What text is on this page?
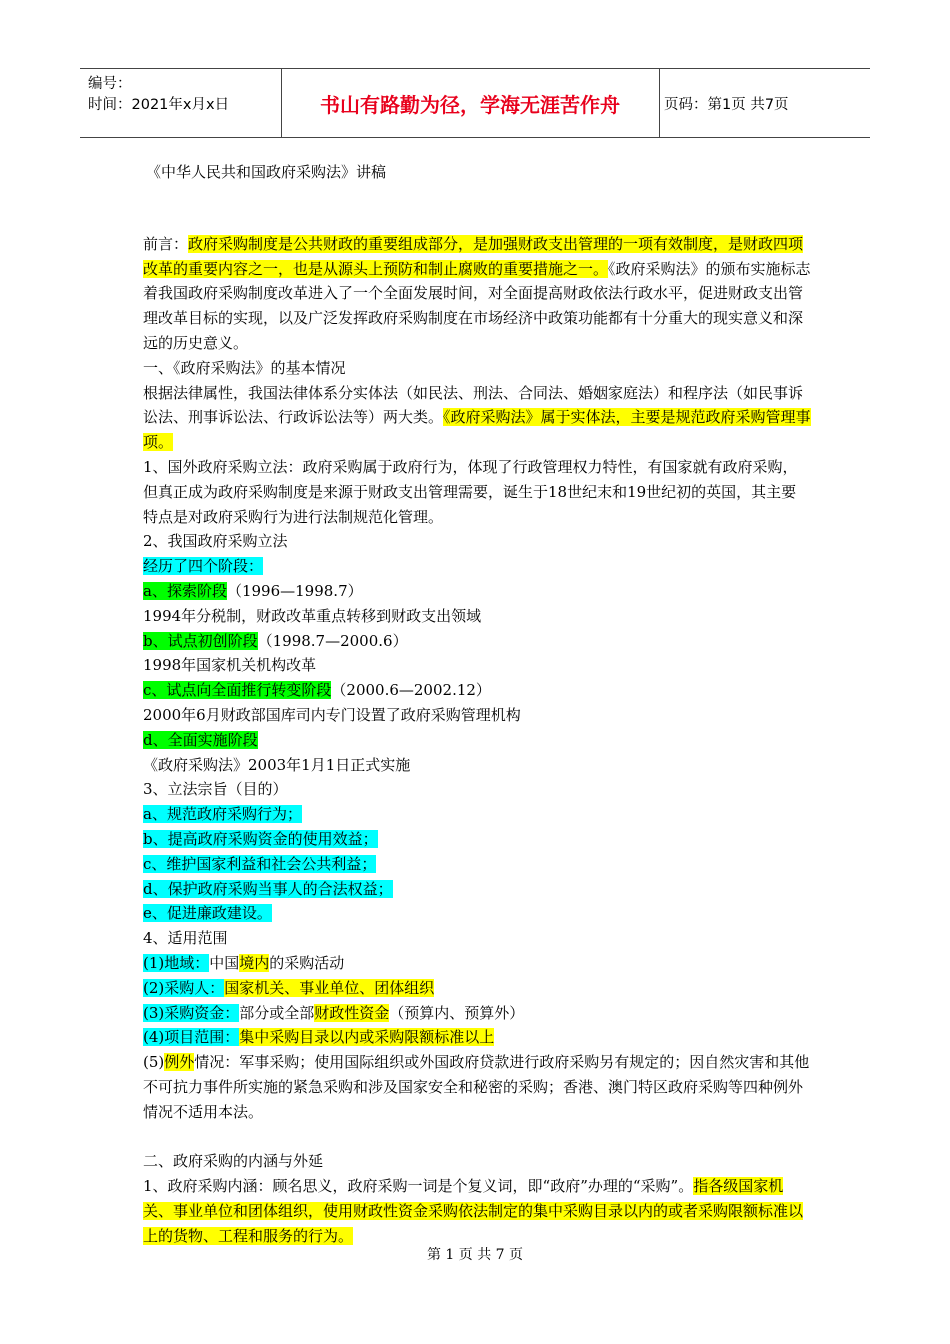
编号：
时间：2021年x月x日	书山有路勤为径，学海无涯苦作舟	页码：第1页 共7页
《中华人民共和国政府采购法》讲稿

前言：政府采购制度是公共财政的重要组成部分，是加强财政支出管理的一项有效制度，是财政四项改革的重要内容之一，也是从源头上预防和制止腐败的重要措施之一。《政府采购法》的颁布实施标志着我国政府采购制度改革进入了一个全面发展时间，对全面提高财政依法行政水平，促进财政支出管理改革目标的实现，以及广泛发挥政府采购制度在市场经济中政策功能都有十分重大的现实意义和深远的历史意义。

一、《政府采购法》的基本情况

根据法律属性，我国法律体系分实体法（如民法、刑法、合同法、婚姻家庭法）和程序法（如民事诉讼法、刑事诉讼法、行政诉讼法等）两大类。《政府采购法》属于实体法，主要是规范政府采购管理事项。

1、国外政府采购立法：政府采购属于政府行为，体现了行政管理权力特性，有国家就有政府采购，但真正成为政府采购制度是来源于财政支出管理需要，诞生于18世纪末和19世纪初的英国，其主要特点是对政府采购行为进行法制规范化管理。

2、我国政府采购立法

经历了四个阶段：

a、探索阶段（1996—1998.7）

1994年分税制，财政改革重点转移到财政支出领域

b、试点初创阶段（1998.7—2000.6）

1998年国家机关机构改革

c、试点向全面推行转变阶段（2000.6—2002.12）

2000年6月财政部国库司内专门设置了政府采购管理机构

d、全面实施阶段

《政府采购法》2003年1月1日正式实施

3、立法宗旨（目的）

a、规范政府采购行为；

b、提高政府采购资金的使用效益；

c、维护国家利益和社会公共利益；

d、保护政府采购当事人的合法权益；

e、促进廉政建设。

4、适用范围

(1)地域：中国境内的采购活动

(2)采购人：国家机关、事业单位、团体组织

(3)采购资金：部分或全部财政性资金（预算内、预算外）

(4)项目范围：集中采购目录以内或采购限额标准以上

(5)例外情况：军事采购；使用国际组织或外国政府贷款进行政府采购另有规定的；因自然灾害和其他不可抗力事件所实施的紧急采购和涉及国家安全和秘密的采购；香港、澳门特区政府采购等四种例外情况不适用本法。

二、政府采购的内涵与外延

1、政府采购内涵：顾名思义，政府采购一词是个复义词，即“政府”办理的“采购”。指各级国家机关、事业单位和团体组织，使用财政性资金采购依法制定的集中采购目录以内的或者采购限额标准以上的货物、工程和服务的行为。

第 1 页 共 7 页
